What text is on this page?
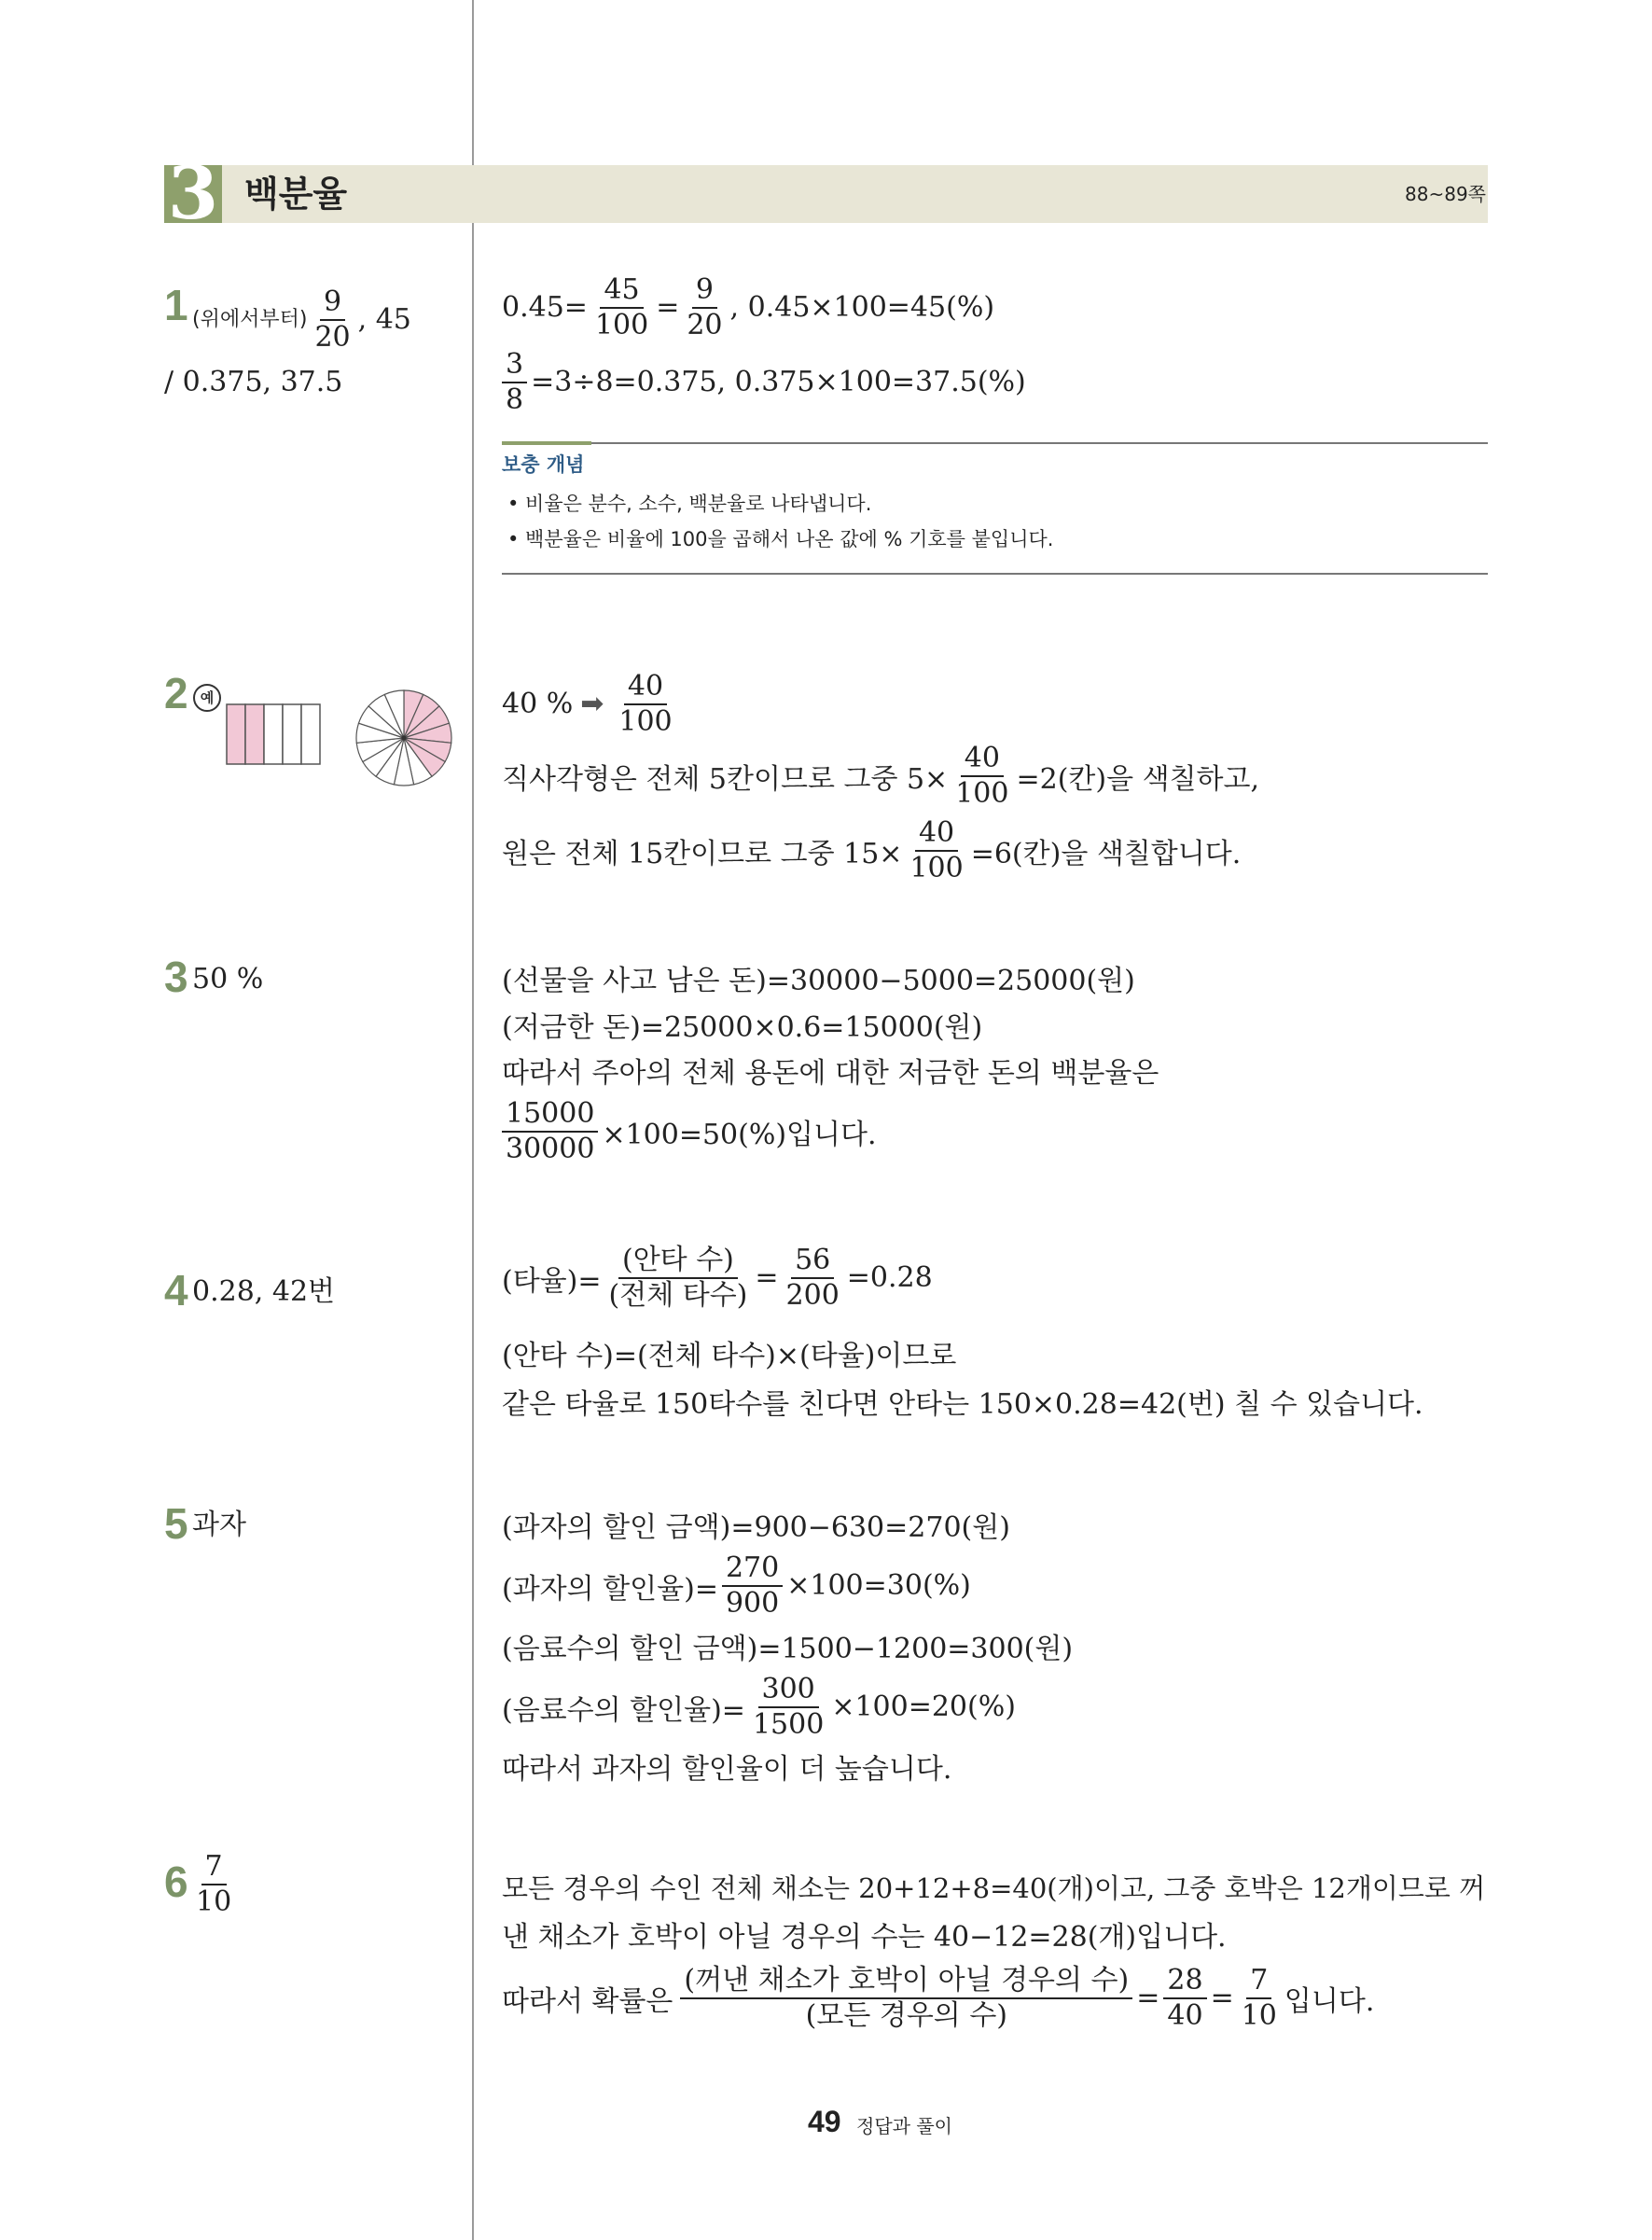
3 백분율	88~89쪽
1 (위에서부터) $\frac{9}{20}$ , 45
/ 0.375, 37.5
$0.45= \frac{45}{100} = \frac{9}{20}$ , 0.45×100=45(%)
$\frac{3}{8} =3\div 8=0.375$, 0.375×100=37.5(%)
보충 개념
• 비율은 분수, 소수, 백분율로 나타냅니다.
• 백분율은 비율에 100을 곱해서 나온 값에 % 기호를 붙입니다.
2 예	40 % ➡ $\frac{40}{100}$
직사각형은 전체 5칸이므로 그중 $5\times \frac{40}{100} =2$(칸)을 색칠하고,
원은 전체 15칸이므로 그중 $15\times \frac{40}{100} =6$(칸)을 색칠합니다.
3 50 %	(선물을 사고 남은 돈)=30000−5000=25000(원)
(저금한 돈)=25000×0.6=15000(원)
따라서 주아의 전체 용돈에 대한 저금한 돈의 백분율은
$\frac{15000}{30000} \times 100=50(\%)$입니다.
4 0.28, 42번	(타율)= $\frac{\text{(안타 수)}}{\text{(전체 타수)}} = \frac{56}{200} =0.28$
(안타 수)=(전체 타수)×(타율)이므로
같은 타율로 150타수를 친다면 안타는 150×0.28=42(번) 칠 수 있습니다.
5 과자	(과자의 할인 금액)=900−630=270(원)
(과자의 할인율)= $\frac{270}{900} \times 100=30(\%)$
(음료수의 할인 금액)=1500−1200=300(원)
(음료수의 할인율)= $\frac{300}{1500} \times 100=20(\%)$
따라서 과자의 할인율이 더 높습니다.
$6 \frac{7}{10}$	모든 경우의 수인 전체 채소는 20+12+8=40(개)이고, 그중 호박은 12개이므로 꺼
낸 채소가 호박이 아닐 경우의 수는 40−12=28(개)입니다.
따라서 확률은 $\frac{\text{(꺼낸 채소가 호박이 아닐 경우의 수)}}{\text{(모든 경우의 수)}} = \frac{28}{40} = \frac{7}{10}$ 입니다.
49 정답과 풀이
